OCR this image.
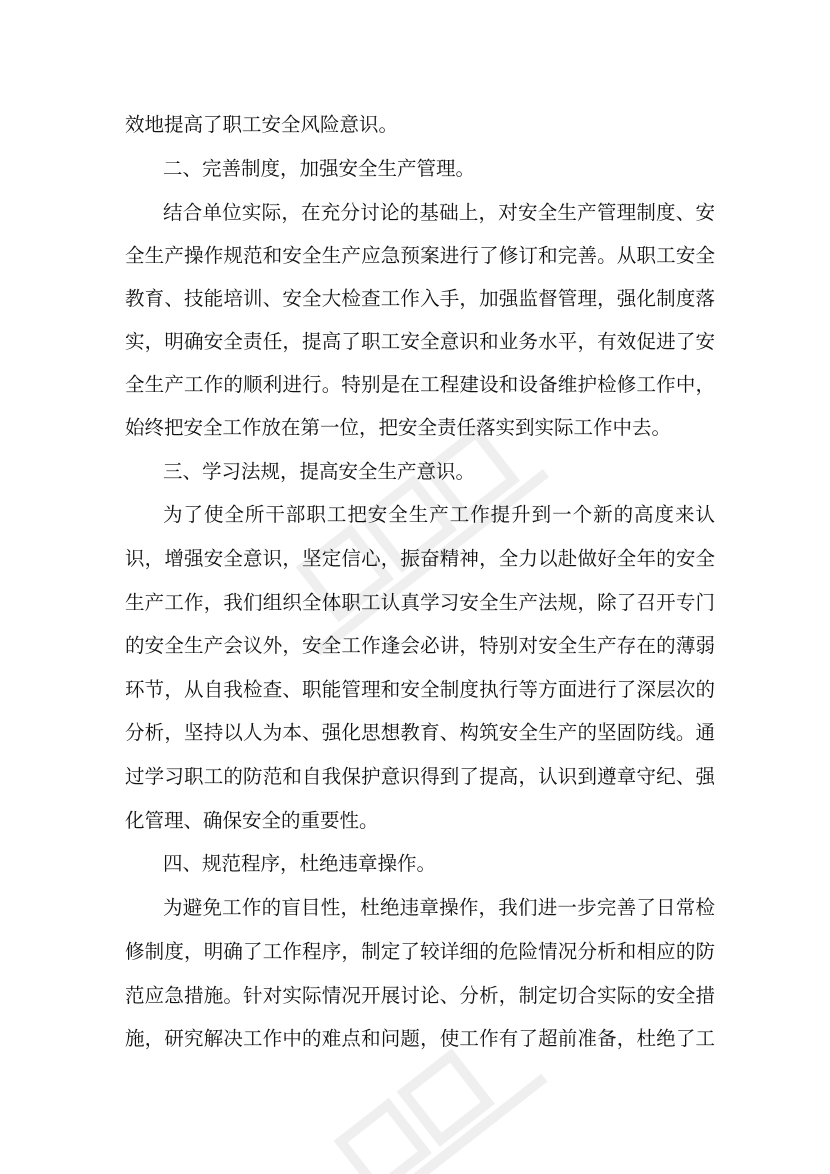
效地提高了职工安全风险意识。
二、完善制度，加强安全生产管理。
结合单位实际，在充分讨论的基础上，对安全生产管理制度、安
全生产操作规范和安全生产应急预案进行了修订和完善。从职工安全
教育、技能培训、安全大检查工作入手，加强监督管理，强化制度落
实，明确安全责任，提高了职工安全意识和业务水平，有效促进了安
全生产工作的顺利进行。特别是在工程建设和设备维护检修工作中，
始终把安全工作放在第一位，把安全责任落实到实际工作中去。
三、学习法规，提高安全生产意识。
为了使全所干部职工把安全生产工作提升到一个新的高度来认
识，增强安全意识，坚定信心，振奋精神，全力以赴做好全年的安全
生产工作，我们组织全体职工认真学习安全生产法规，除了召开专门
的安全生产会议外，安全工作逢会必讲，特别对安全生产存在的薄弱
环节，从自我检查、职能管理和安全制度执行等方面进行了深层次的
分析，坚持以人为本、强化思想教育、构筑安全生产的坚固防线。通
过学习职工的防范和自我保护意识得到了提高，认识到遵章守纪、强
化管理、确保安全的重要性。
四、规范程序，杜绝违章操作。
为避免工作的盲目性，杜绝违章操作，我们进一步完善了日常检
修制度，明确了工作程序，制定了较详细的危险情况分析和相应的防
范应急措施。针对实际情况开展讨论、分析，制定切合实际的安全措
施，研究解决工作中的难点和问题，使工作有了超前准备，杜绝了工
